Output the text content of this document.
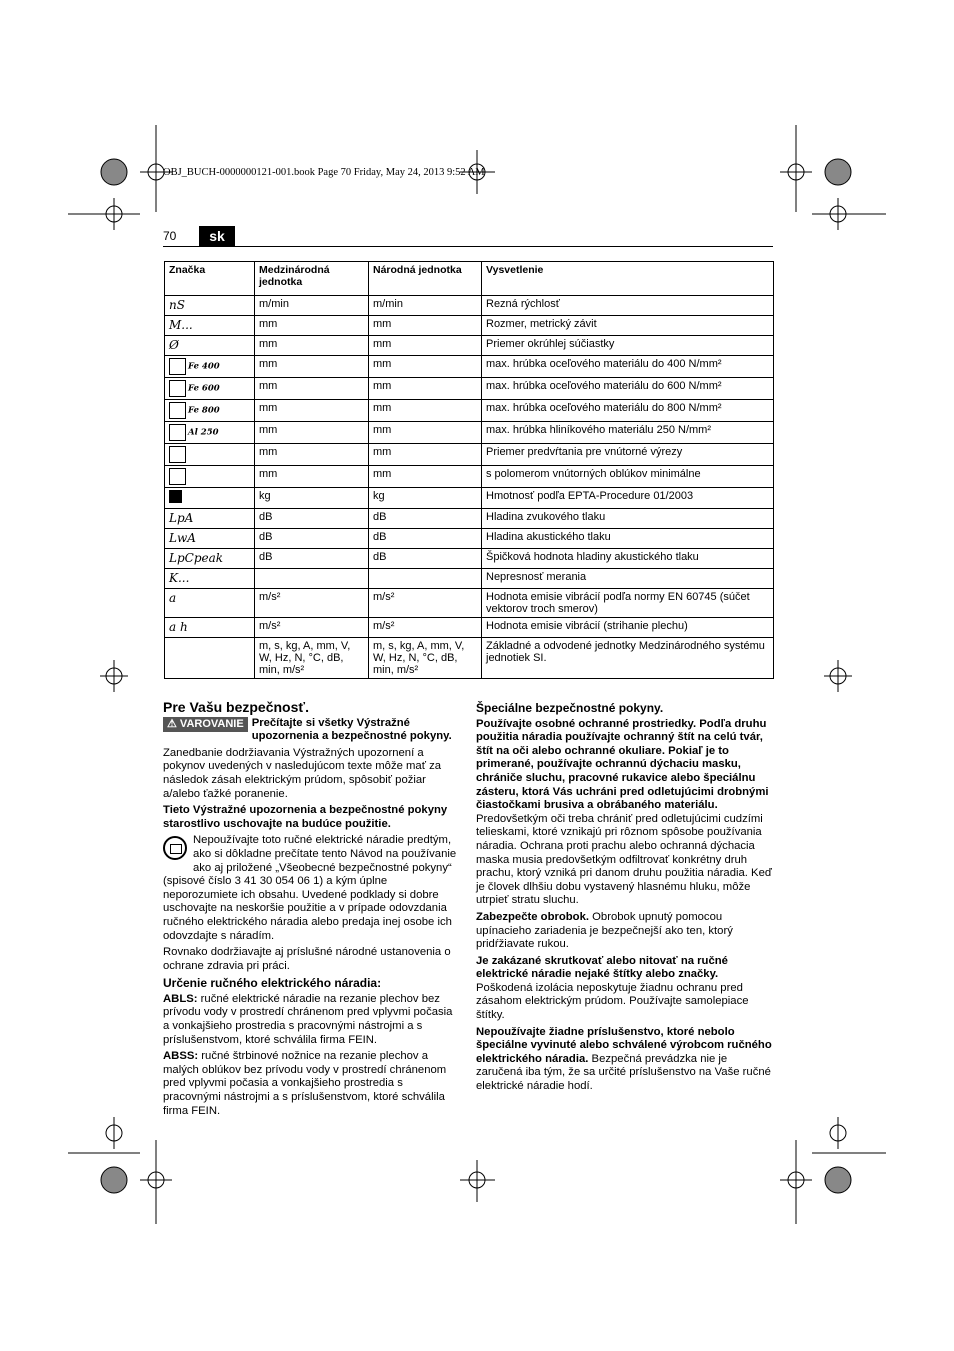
OBJ_BUCH-0000000121-001.book Page 70 Friday, May 24, 2013 9:52 AM
70	sk
Značka	Medzinárodná jednotka	Národná jednotka	Vysvetlenie
nS	m/min	m/min	Rezná rýchlosť
M...	mm	mm	Rozmer, metrický závit
Ø	mm	mm	Priemer okrúhlej súčiastky
Fe 400	mm	mm	max. hrúbka oceľového materiálu do 400 N/mm²
Fe 600	mm	mm	max. hrúbka oceľového materiálu do 600 N/mm²
Fe 800	mm	mm	max. hrúbka oceľového materiálu do 800 N/mm²
Al 250	mm	mm	max. hrúbka hliníkového materiálu 250 N/mm²
	mm	mm	Priemer predvŕtania pre vnútorné výrezy
	mm	mm	s polomerom vnútorných oblúkov minimálne
	kg	kg	Hmotnosť podľa EPTA-Procedure 01/2003
LpA	dB	dB	Hladina zvukového tlaku
LwA	dB	dB	Hladina akustického tlaku
LpCpeak	dB	dB	Špičková hodnota hladiny akustického tlaku
K...			Nepresnosť merania
a	m/s²	m/s²	Hodnota emisie vibrácií podľa normy EN 60745 (súčet vektorov troch smerov)
a h	m/s²	m/s²	Hodnota emisie vibrácií (strihanie plechu)
	m, s, kg, A, mm, V, W, Hz, N, °C, dB, min, m/s²	m, s, kg, A, mm, V, W, Hz, N, °C, dB, min, m/s²	Základné a odvodené jednotky Medzinárodného systému jednotiek SI.
Pre Vašu bezpečnosť.

⚠ VAROVANIE Prečítajte si všetky Výstražné upozornenia a bezpečnostné pokyny.

Zanedbanie dodržiavania Výstražných upozornení a pokynov uvedených v nasledujúcom texte môže mať za následok zásah elektrickým prúdom, spôsobiť požiar a/alebo ťažké poranenie.

Tieto Výstražné upozornenia a bezpečnostné pokyny starostlivo uschovajte na budúce použitie.

Nepoužívajte toto ručné elektrické náradie predtým, ako si dôkladne prečítate tento Návod na používanie ako aj priložené „Všeobecné bezpečnostné pokyny“ (spisové číslo 3 41 30 054 06 1) a kým úplne neporozumiete ich obsahu. Uvedené podklady si dobre uschovajte na neskoršie použitie a v prípade odovzdania ručného elektrického náradia alebo predaja inej osobe ich odovzdajte s náradím.

Rovnako dodržiavajte aj príslušné národné ustanovenia o ochrane zdravia pri práci.

Určenie ručného elektrického náradia:

ABLS: ručné elektrické náradie na rezanie plechov bez prívodu vody v prostredí chránenom pred vplyvmi počasia a vonkajšieho prostredia s pracovnými nástrojmi a s príslušenstvom, ktoré schválila firma FEIN.

ABSS: ručné štrbinové nožnice na rezanie plechov a malých oblúkov bez prívodu vody v prostredí chránenom pred vplyvmi počasia a vonkajšieho prostredia s pracovnými nástrojmi a s príslušenstvom, ktoré schválila firma FEIN.

Špeciálne bezpečnostné pokyny.

Používajte osobné ochranné prostriedky. Podľa druhu použitia náradia používajte ochranný štít na celú tvár, štít na oči alebo ochranné okuliare. Pokiaľ je to primerané, používajte ochrannú dýchaciu masku, chrániče sluchu, pracovné rukavice alebo špeciálnu zásteru, ktorá Vás uchráni pred odletujúcimi drobnými čiastočkami brusiva a obrábaného materiálu. Predovšetkým oči treba chrániť pred odletujúcimi cudzími telieskami, ktoré vznikajú pri rôznom spôsobe používania náradia. Ochrana proti prachu alebo ochranná dýchacia maska musia predovšetkým odfiltrovať konkrétny druh prachu, ktorý vzniká pri danom druhu použitia náradia. Keď je človek dlhšiu dobu vystavený hlasnému hluku, môže utrpieť stratu sluchu.

Zabezpečte obrobok. Obrobok upnutý pomocou upínacieho zariadenia je bezpečnejší ako ten, ktorý pridŕžiavate rukou.

Je zakázané skrutkovať alebo nitovať na ručné elektrické náradie nejaké štítky alebo značky. Poškodená izolácia neposkytuje žiadnu ochranu pred zásahom elektrickým prúdom. Používajte samolepiace štítky.

Nepoužívajte žiadne príslušenstvo, ktoré nebolo špeciálne vyvinuté alebo schválené výrobcom ručného elektrického náradia. Bezpečná prevádzka nie je zaručená iba tým, že sa určité príslušenstvo na Vaše ručné elektrické náradie hodí.
